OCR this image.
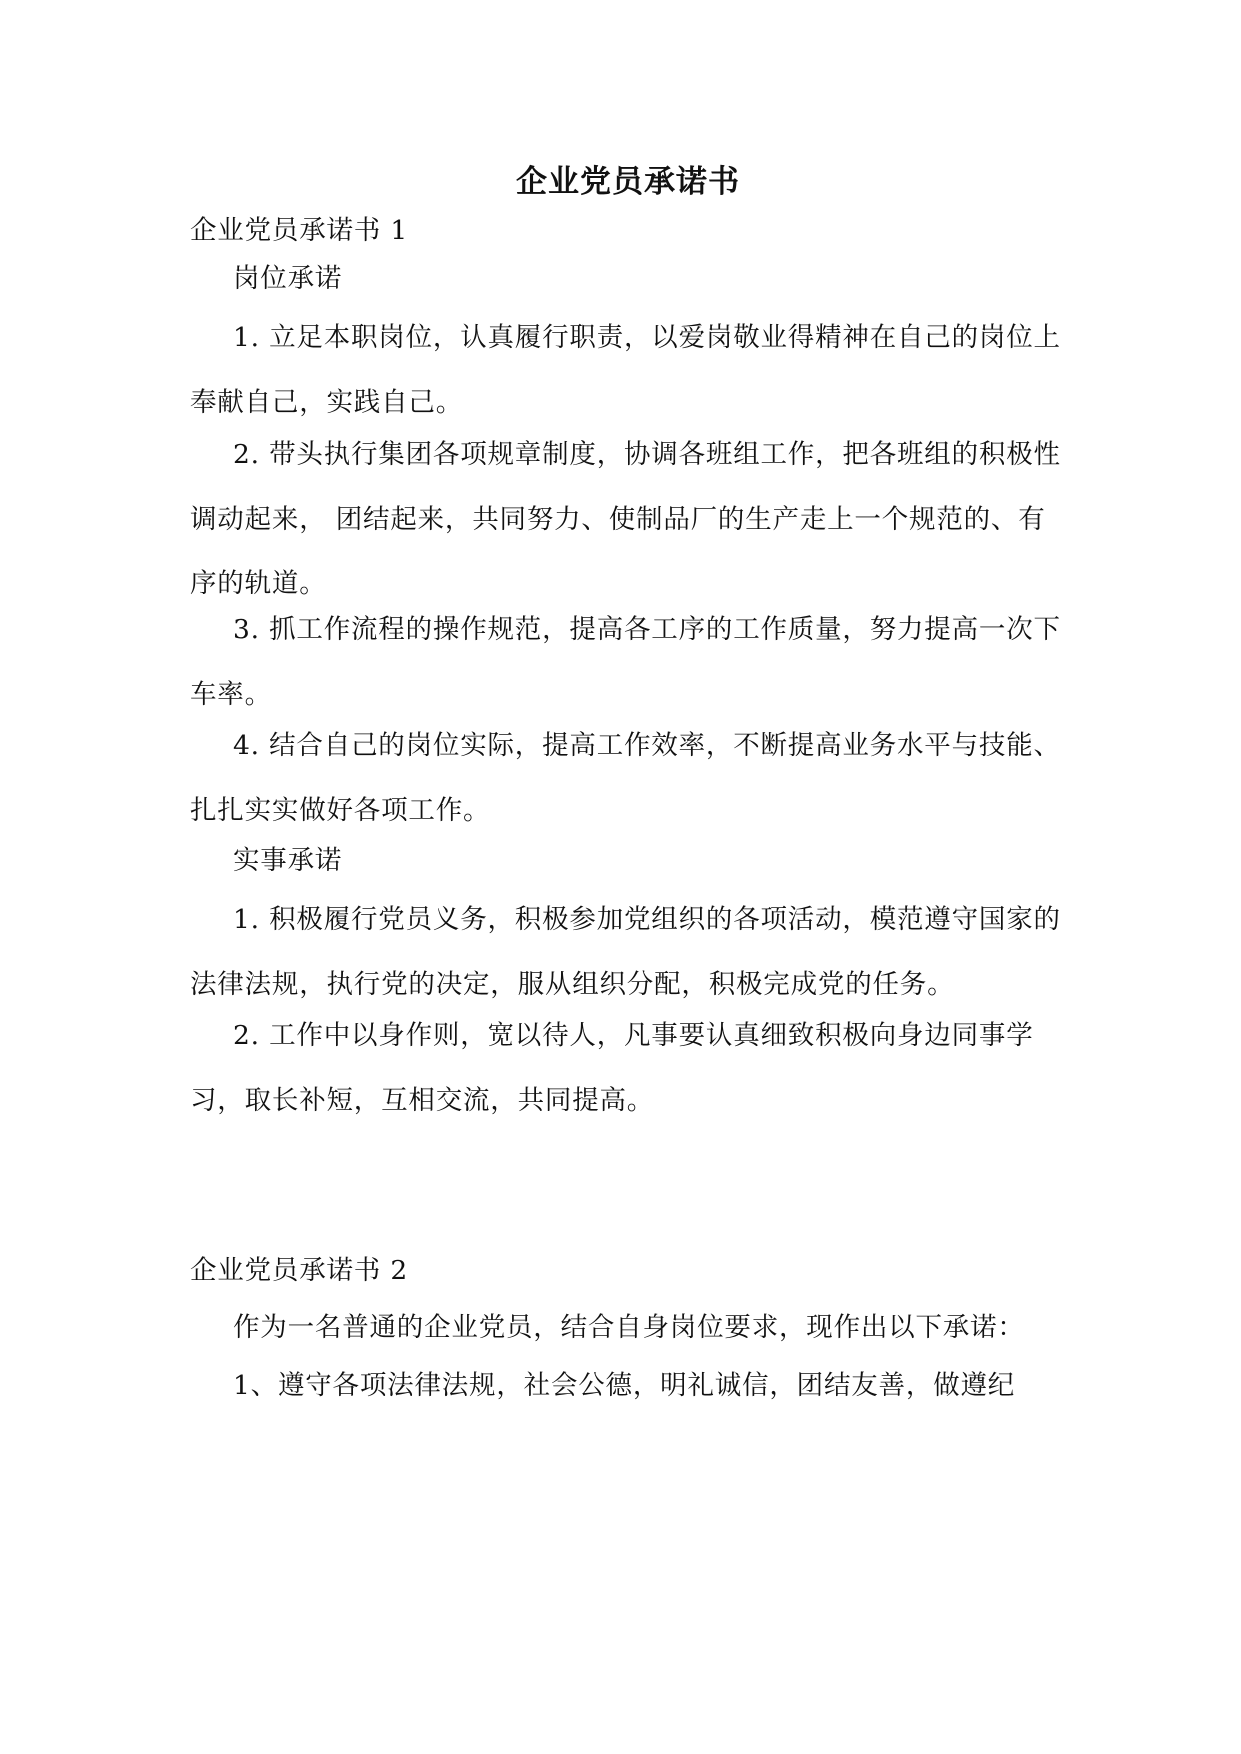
企业党员承诺书

企业党员承诺书 1

岗位承诺

1. 立足本职岗位，认真履行职责，以爱岗敬业得精神在自己的岗位上奉献自己，实践自己。

2. 带头执行集团各项规章制度，协调各班组工作，把各班组的积极性调动起来， 团结起来，共同努力、使制品厂的生产走上一个规范的、有序的轨道。

3. 抓工作流程的操作规范，提高各工序的工作质量，努力提高一次下车率。

4. 结合自己的岗位实际，提高工作效率，不断提高业务水平与技能、扎扎实实做好各项工作。

实事承诺

1. 积极履行党员义务，积极参加党组织的各项活动，模范遵守国家的法律法规，执行党的决定，服从组织分配，积极完成党的任务。

2. 工作中以身作则，宽以待人，凡事要认真细致积极向身边同事学习，取长补短，互相交流，共同提高。

企业党员承诺书 2

作为一名普通的企业党员，结合自身岗位要求，现作出以下承诺：

1、遵守各项法律法规，社会公德，明礼诚信，团结友善，做遵纪
